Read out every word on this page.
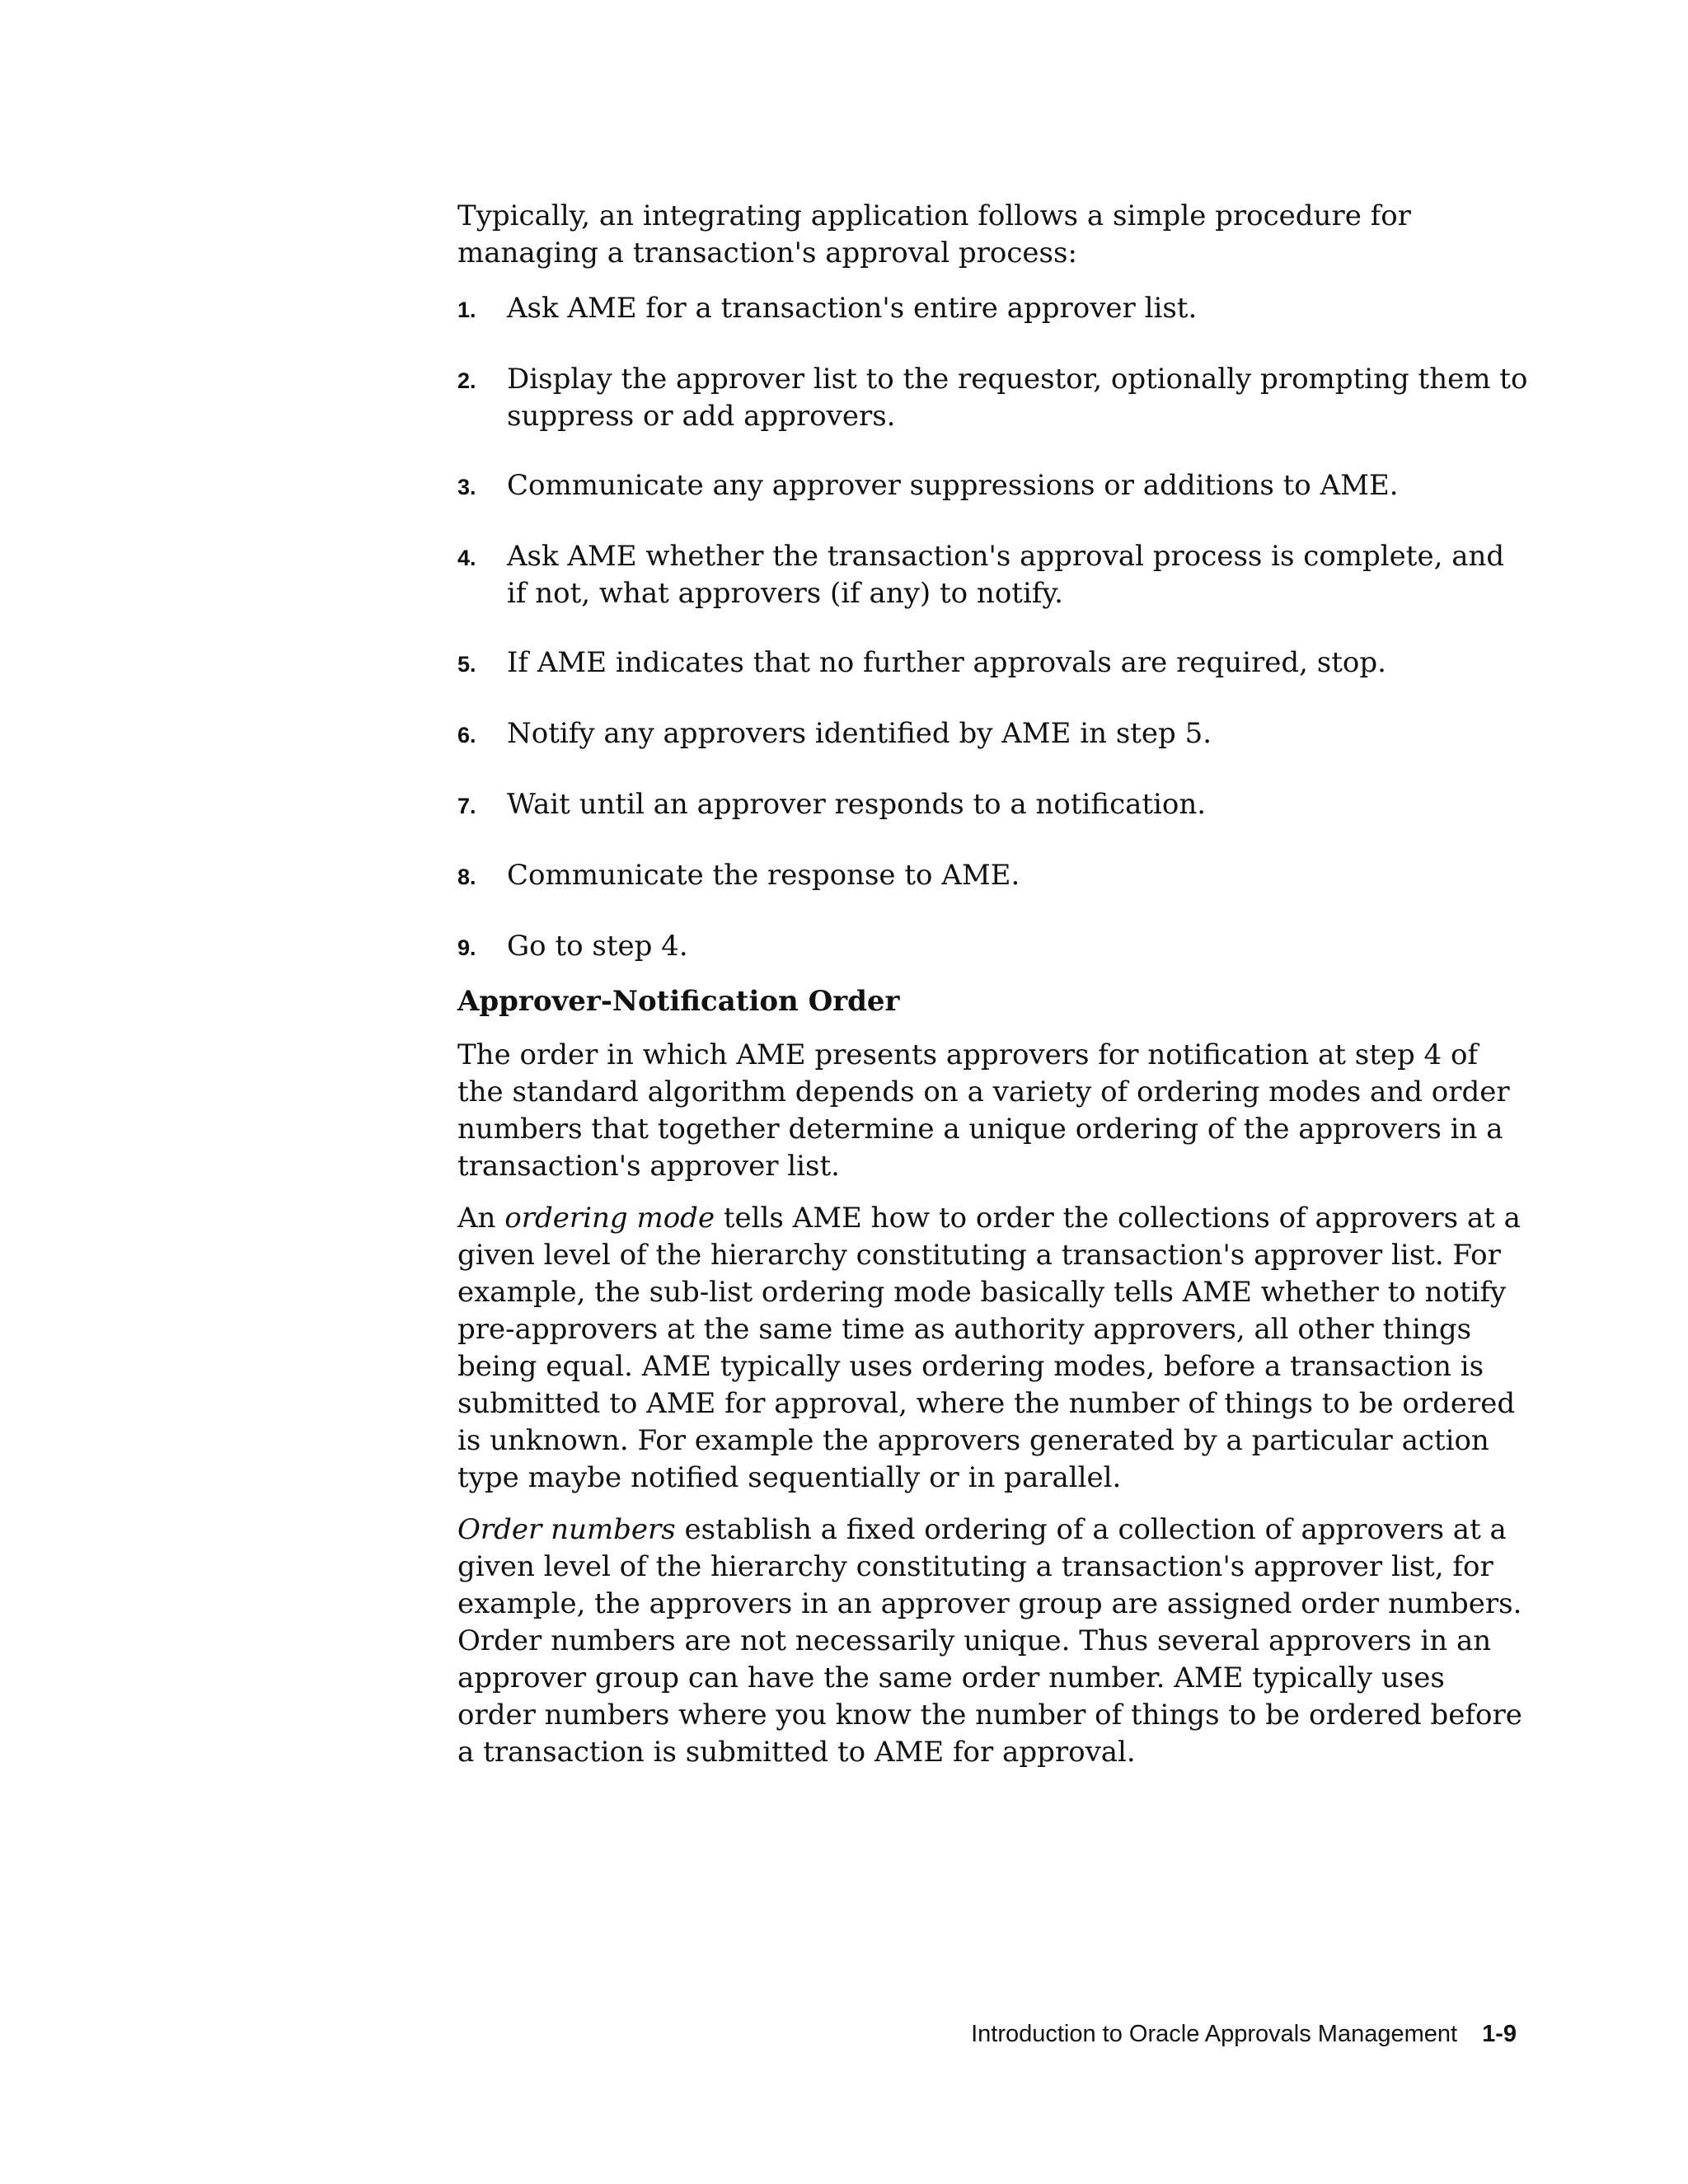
Typically, an integrating application follows a simple procedure for managing a transaction's approval process:

1.	Ask AME for a transaction's entire approver list.
2.	Display the approver list to the requestor, optionally prompting them to suppress or add approvers.
3.	Communicate any approver suppressions or additions to AME.
4.	Ask AME whether the transaction's approval process is complete, and if not, what approvers (if any) to notify.
5.	If AME indicates that no further approvals are required, stop.
6.	Notify any approvers identified by AME in step 5.
7.	Wait until an approver responds to a notification.
8.	Communicate the response to AME.
9.	Go to step 4.
Approver-Notification Order

The order in which AME presents approvers for notification at step 4 of the standard algorithm depends on a variety of ordering modes and order numbers that together determine a unique ordering of the approvers in a transaction's approver list.

An ordering mode tells AME how to order the collections of approvers at a given level of the hierarchy constituting a transaction's approver list. For example, the sub-list ordering mode basically tells AME whether to notify pre-approvers at the same time as authority approvers, all other things being equal. AME typically uses ordering modes, before a transaction is submitted to AME for approval, where the number of things to be ordered is unknown. For example the approvers generated by a particular action type maybe notified sequentially or in parallel.

Order numbers establish a fixed ordering of a collection of approvers at a given level of the hierarchy constituting a transaction's approver list, for example, the approvers in an approver group are assigned order numbers. Order numbers are not necessarily unique. Thus several approvers in an approver group can have the same order number. AME typically uses order numbers where you know the number of things to be ordered before a transaction is submitted to AME for approval.

Introduction to Oracle Approvals Management 1-9
